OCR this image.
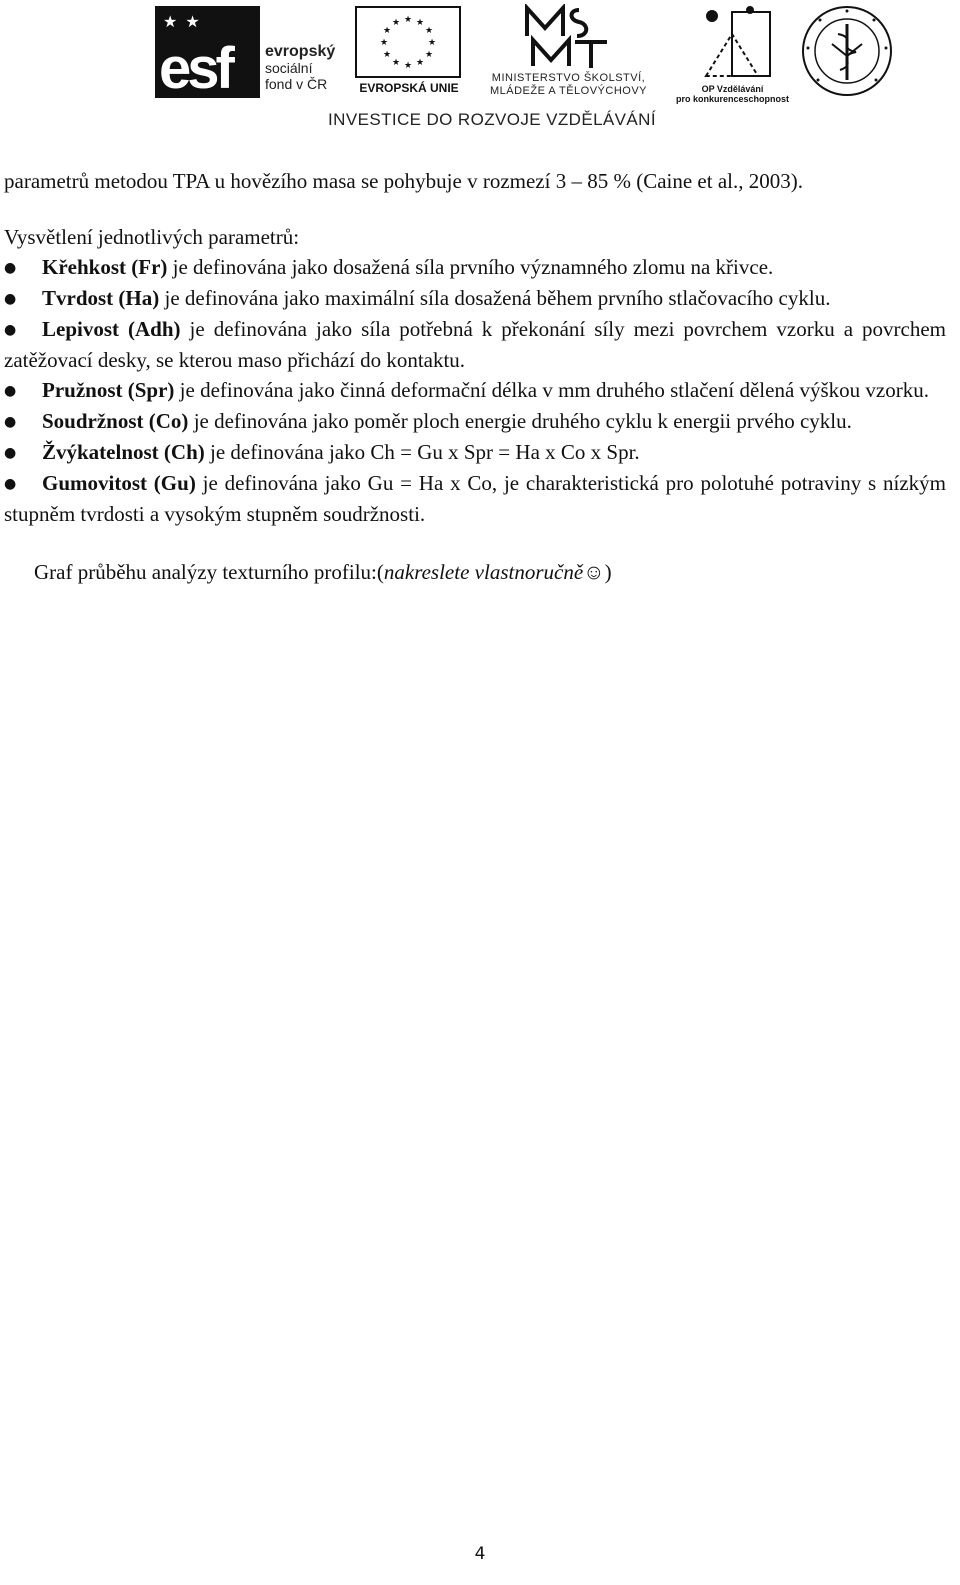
★ ★
esf evropský
sociální
fond v ČR
★ ★
★
★
★
★
★
★
★
★
★
★
EVROPSKÁ UNIE
MINISTERSTVO ŠKOLSTVÍ,
MLÁDEŽE A TĚLOVÝCHOVY	OP Vzdělávání
pro konkurenceschopnost
INVESTICE DO ROZVOJE VZDĚLÁVÁNÍ

parametrů metodou TPA u hovězího masa se pohybuje v rozmezí 3 – 85 % (Caine et al., 2003).

Vysvětlení jednotlivých parametrů:

●Křehkost (Fr) je definována jako dosažená síla prvního významného zlomu na křivce.
●Tvrdost (Ha) je definována jako maximální síla dosažená během prvního stlačovacího cyklu.
●Lepivost (Adh) je definována jako síla potřebná k překonání síly mezi povrchem vzorku a povrchem zatěžovací desky, se kterou maso přichází do kontaktu.
●Pružnost (Spr) je definována jako činná deformační délka v mm druhého stlačení dělená výškou vzorku.
●Soudržnost (Co) je definována jako poměr ploch energie druhého cyklu k energii prvého cyklu.
●Žvýkatelnost (Ch) je definována jako Ch = Gu x Spr = Ha x Co x Spr.
●Gumovitost (Gu) je definována jako Gu = Ha x Co, je charakteristická pro polotuhé potraviny s nízkým stupněm tvrdosti a vysokým stupněm soudržnosti.

Graf průběhu analýzy texturního profilu:(nakreslete vlastnoručně☺)

4
